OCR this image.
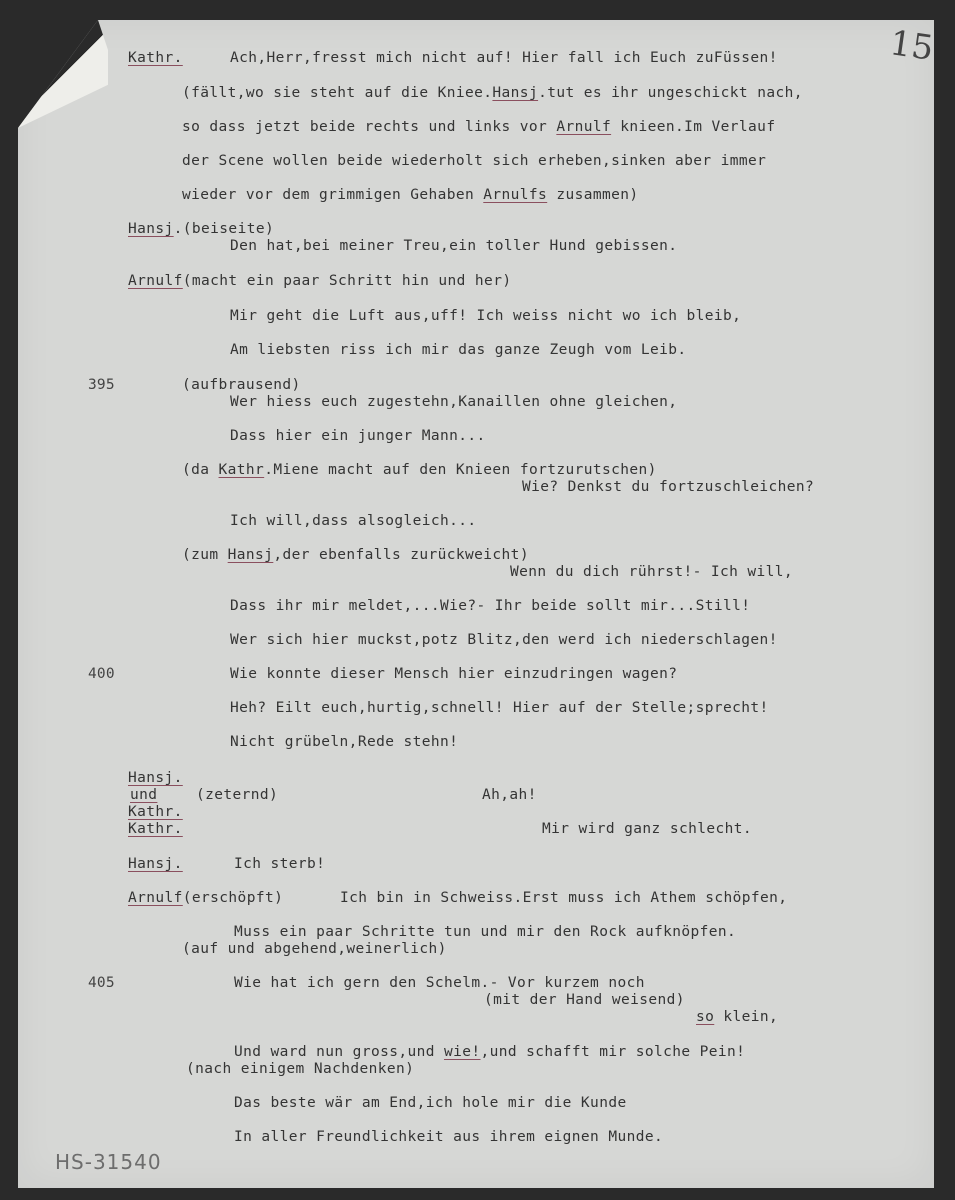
15
Kathr.	Ach,Herr,fresst mich nicht auf! Hier fall ich Euch zuFüssen!
(fällt,wo sie steht auf die Kniee.Hansj.tut es ihr ungeschickt nach,
so dass jetzt beide rechts und links vor Arnulf knieen.Im Verlauf
der Scene wollen beide wiederholt sich erheben,sinken aber immer
wieder vor dem grimmigen Gehaben Arnulfs zusammen)
Hansj.(beiseite)
Den hat,bei meiner Treu,ein toller Hund gebissen.
Arnulf(macht ein paar Schritt hin und her)
Mir geht die Luft aus,uff! Ich weiss nicht wo ich bleib,
Am liebsten riss ich mir das ganze Zeugh vom Leib.
395	(aufbrausend)
Wer hiess euch zugestehn,Kanaillen ohne gleichen,
Dass hier ein junger Mann...
(da Kathr.Miene macht auf den Knieen fortzurutschen)
Wie? Denkst du fortzuschleichen?
Ich will,dass alsogleich...
(zum Hansj,der ebenfalls zurückweicht)
Wenn du dich rührst!- Ich will,
Dass ihr mir meldet,...Wie?- Ihr beide sollt mir...Still!
Wer sich hier muckst,potz Blitz,den werd ich niederschlagen!
400	Wie konnte dieser Mensch hier einzudringen wagen?
Heh? Eilt euch,hurtig,schnell! Hier auf der Stelle;sprecht!
Nicht grübeln,Rede stehn!
Hansj.
und	(zeternd)	Ah,ah!
Kathr.
Kathr.	Mir wird ganz schlecht.
Hansj.	Ich sterb!
Arnulf(erschöpft)	Ich bin in Schweiss.Erst muss ich Athem schöpfen,
Muss ein paar Schritte tun und mir den Rock aufknöpfen.
(auf und abgehend,weinerlich)
405	Wie hat ich gern den Schelm.- Vor kurzem noch
(mit der Hand weisend)
so klein,
Und ward nun gross,und wie!,und schafft mir solche Pein!
(nach einigem Nachdenken)
Das beste wär am End,ich hole mir die Kunde
In aller Freundlichkeit aus ihrem eignen Munde.
HS-31540
